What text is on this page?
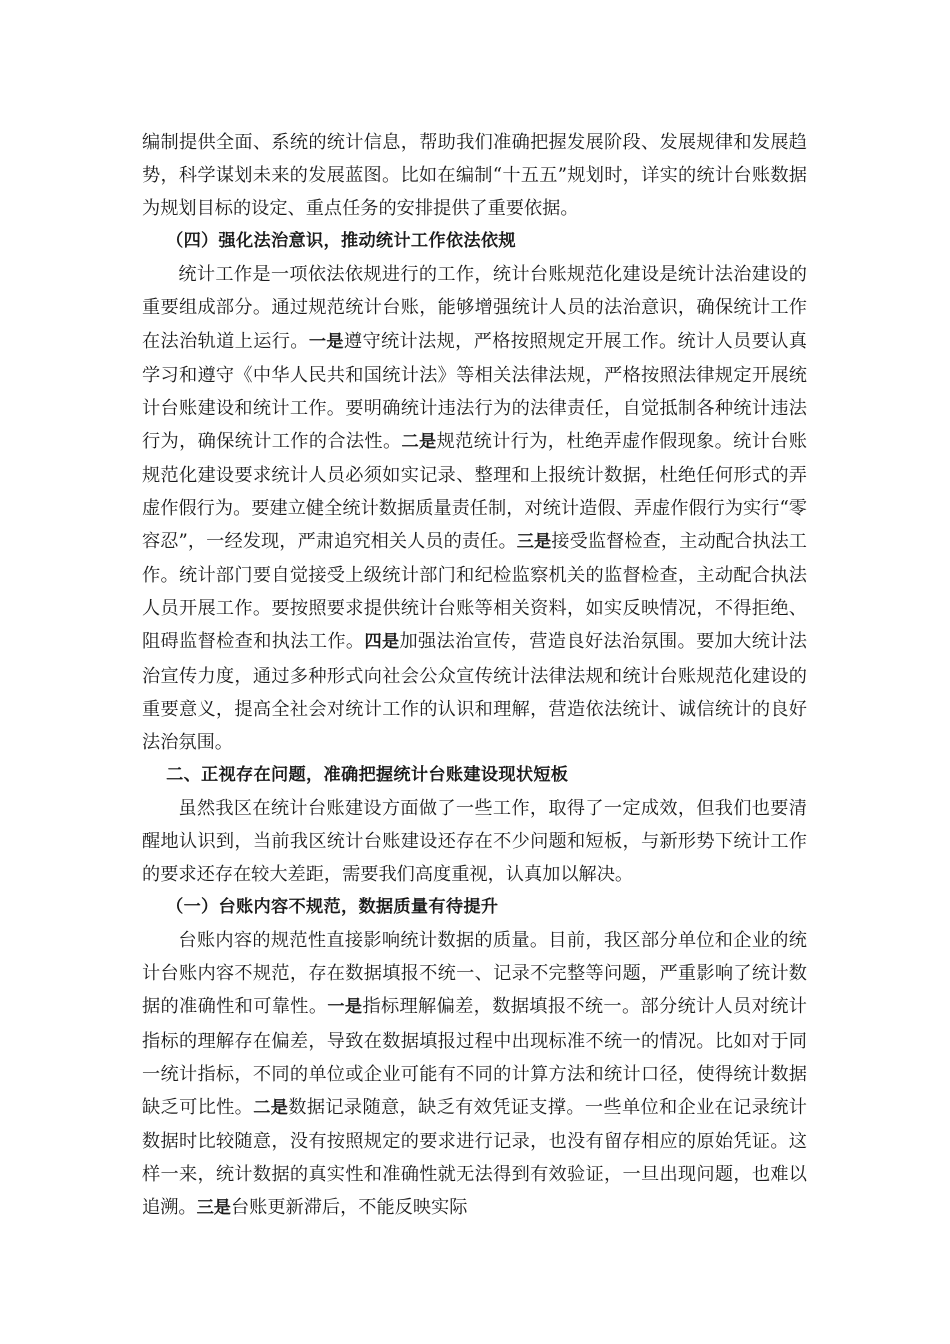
编制提供全面、系统的统计信息，帮助我们准确把握发展阶段、发展规律和发展趋势，科学谋划未来的发展蓝图。比如在编制“十五五”规划时，详实的统计台账数据为规划目标的设定、重点任务的安排提供了重要依据。

（四）强化法治意识，推动统计工作依法依规

统计工作是一项依法依规进行的工作，统计台账规范化建设是统计法治建设的重要组成部分。通过规范统计台账，能够增强统计人员的法治意识，确保统计工作在法治轨道上运行。一是遵守统计法规，严格按照规定开展工作。统计人员要认真学习和遵守《中华人民共和国统计法》等相关法律法规，严格按照法律规定开展统计台账建设和统计工作。要明确统计违法行为的法律责任，自觉抵制各种统计违法行为，确保统计工作的合法性。二是规范统计行为，杜绝弄虚作假现象。统计台账规范化建设要求统计人员必须如实记录、整理和上报统计数据，杜绝任何形式的弄虚作假行为。要建立健全统计数据质量责任制，对统计造假、弄虚作假行为实行“零容忍”，一经发现，严肃追究相关人员的责任。三是接受监督检查，主动配合执法工作。统计部门要自觉接受上级统计部门和纪检监察机关的监督检查，主动配合执法人员开展工作。要按照要求提供统计台账等相关资料，如实反映情况，不得拒绝、阻碍监督检查和执法工作。四是加强法治宣传，营造良好法治氛围。要加大统计法治宣传力度，通过多种形式向社会公众宣传统计法律法规和统计台账规范化建设的重要意义，提高全社会对统计工作的认识和理解，营造依法统计、诚信统计的良好法治氛围。

二、正视存在问题，准确把握统计台账建设现状短板

虽然我区在统计台账建设方面做了一些工作，取得了一定成效，但我们也要清醒地认识到，当前我区统计台账建设还存在不少问题和短板，与新形势下统计工作的要求还存在较大差距，需要我们高度重视，认真加以解决。

（一）台账内容不规范，数据质量有待提升

台账内容的规范性直接影响统计数据的质量。目前，我区部分单位和企业的统计台账内容不规范，存在数据填报不统一、记录不完整等问题，严重影响了统计数据的准确性和可靠性。一是指标理解偏差，数据填报不统一。部分统计人员对统计指标的理解存在偏差，导致在数据填报过程中出现标准不统一的情况。比如对于同一统计指标，不同的单位或企业可能有不同的计算方法和统计口径，使得统计数据缺乏可比性。二是数据记录随意，缺乏有效凭证支撑。一些单位和企业在记录统计数据时比较随意，没有按照规定的要求进行记录，也没有留存相应的原始凭证。这样一来，统计数据的真实性和准确性就无法得到有效验证，一旦出现问题，也难以追溯。三是台账更新滞后，不能反映实际
